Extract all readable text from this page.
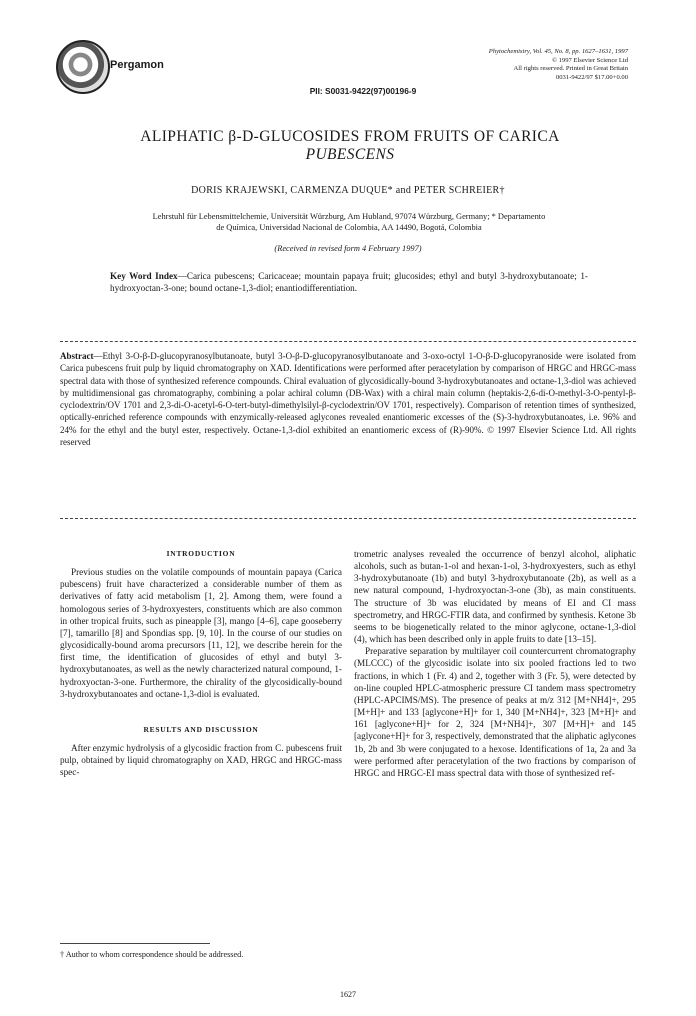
Pergamon
Phytochemistry, Vol. 45, No. 8, pp. 1627–1631, 1997
© 1997 Elsevier Science Ltd
All rights reserved. Printed in Great Britain
0031-9422/97 $17.00+0.00
PII: S0031-9422(97)00196-9
ALIPHATIC β-D-GLUCOSIDES FROM FRUITS OF CARICA
PUBESCENS
DORIS KRAJEWSKI, CARMENZA DUQUE* and PETER SCHREIER†
Lehrstuhl für Lebensmittelchemie, Universität Würzburg, Am Hubland, 97074 Würzburg, Germany; * Departamento
de Química, Universidad Nacional de Colombia, AA 14490, Bogotá, Colombia
(Received in revised form 4 February 1997)
Key Word Index—Carica pubescens; Caricaceae; mountain papaya fruit; glucosides; ethyl and butyl 3-hydroxybutanoate; 1-hydroxyoctan-3-one; bound octane-1,3-diol; enantiodifferentiation.
Abstract—Ethyl 3-O-β-D-glucopyranosylbutanoate, butyl 3-O-β-D-glucopyranosylbutanoate and 3-oxo-octyl 1-O-β-D-glucopyranoside were isolated from Carica pubescens fruit pulp by liquid chromatography on XAD. Identifications were performed after peracetylation by comparison of HRGC and HRGC-mass spectral data with those of synthesized reference compounds. Chiral evaluation of glycosidically-bound 3-hydroxybutanoates and octane-1,3-diol was achieved by multidimensional gas chromatography, combining a polar achiral column (DB-Wax) with a chiral main column (heptakis-2,6-di-O-methyl-3-O-pentyl-β-cyclodextrin/OV 1701 and 2,3-di-O-acetyl-6-O-tert-butyl-dimethylsilyl-β-cyclodextrin/OV 1701, respectively). Comparison of retention times of synthesized, optically-enriched reference compounds with enzymically-released aglycones revealed enantiomeric excesses of the (S)-3-hydroxybutanoates, i.e. 96% and 24% for the ethyl and the butyl ester, respectively. Octane-1,3-diol exhibited an enantiomeric excess of (R)-90%. © 1997 Elsevier Science Ltd. All rights reserved
INTRODUCTION

Previous studies on the volatile compounds of mountain papaya (Carica pubescens) fruit have characterized a considerable number of them as derivatives of fatty acid metabolism [1, 2]. Among them, were found a homologous series of 3-hydroxyesters, constituents which are also common in other tropical fruits, such as pineapple [3], mango [4–6], cape gooseberry [7], tamarillo [8] and Spondias spp. [9, 10]. In the course of our studies on glycosidically-bound aroma precursors [11, 12], we describe herein for the first time, the identification of glucosides of ethyl and butyl 3-hydroxybutanoates, as well as the newly characterized natural compound, 1-hydroxyoctan-3-one. Furthermore, the chirality of the glycosidically-bound 3-hydroxybutanoates and octane-1,3-diol is evaluated.

RESULTS AND DISCUSSION

After enzymic hydrolysis of a glycosidic fraction from C. pubescens fruit pulp, obtained by liquid chromatography on XAD, HRGC and HRGC-mass spec-

trometric analyses revealed the occurrence of benzyl alcohol, aliphatic alcohols, such as butan-1-ol and hexan-1-ol, 3-hydroxyesters, such as ethyl 3-hydroxybutanoate (1b) and butyl 3-hydroxybutanoate (2b), as well as a new natural compound, 1-hydroxyoctan-3-one (3b), as main constituents. The structure of 3b was elucidated by means of EI and CI mass spectrometry, and HRGC-FTIR data, and confirmed by synthesis. Ketone 3b seems to be biogenetically related to the minor aglycone, octane-1,3-diol (4), which has been described only in apple fruits to date [13–15].

Preparative separation by multilayer coil countercurrent chromatography (MLCCC) of the glycosidic isolate into six pooled fractions led to two fractions, in which 1 (Fr. 4) and 2, together with 3 (Fr. 5), were detected by on-line coupled HPLC-atmospheric pressure CI tandem mass spectrometry (HPLC-APCIMS/MS). The presence of peaks at m/z 312 [M+NH4]+, 295 [M+H]+ and 133 [aglycone+H]+ for 1, 340 [M+NH4]+, 323 [M+H]+ and 161 [aglycone+H]+ for 2, 324 [M+NH4]+, 307 [M+H]+ and 145 [aglycone+H]+ for 3, respectively, demonstrated that the aliphatic aglycones 1b, 2b and 3b were conjugated to a hexose. Identifications of 1a, 2a and 3a were performed after peracetylation of the two fractions by comparison of HRGC and HRGC-EI mass spectral data with those of synthesized ref-

† Author to whom correspondence should be addressed.
1627
